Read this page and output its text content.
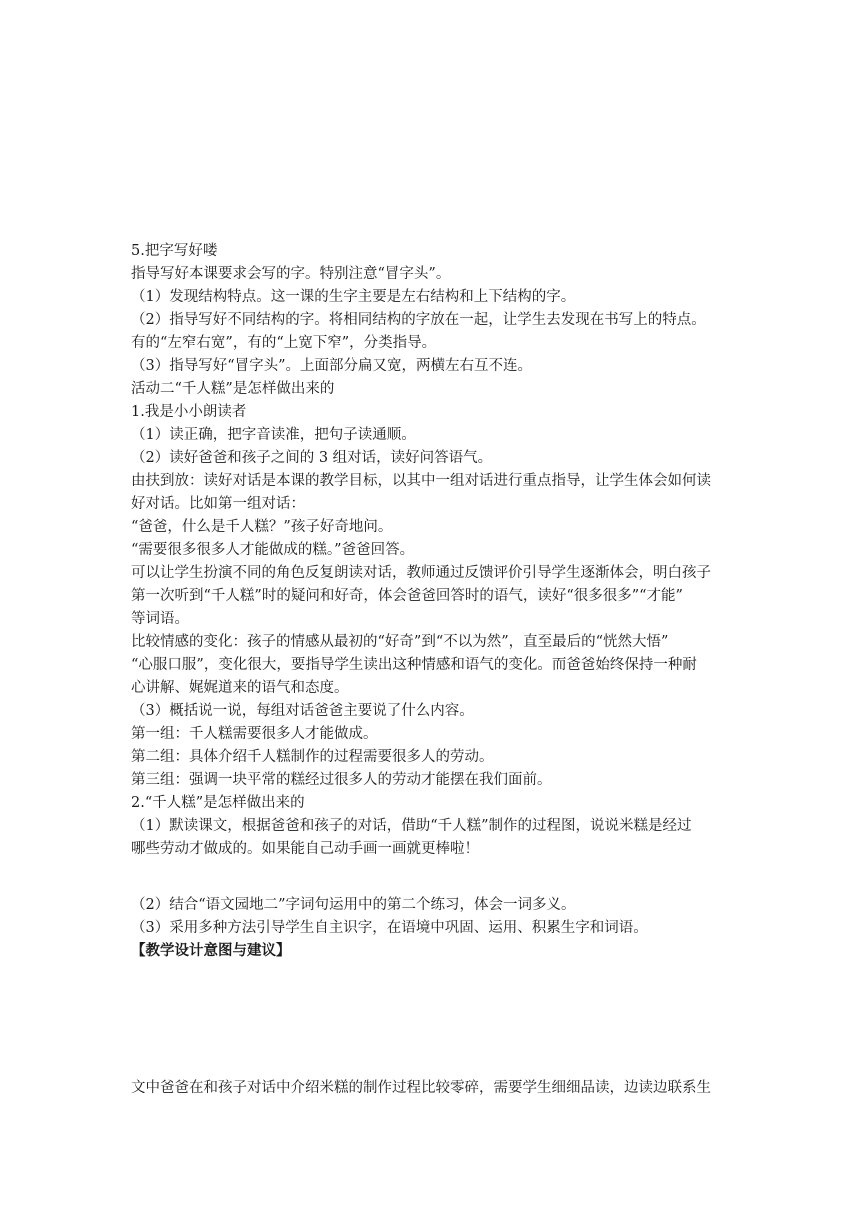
5.把字写好喽
指导写好本课要求会写的字。特别注意“冒字头”。
（1）发现结构特点。这一课的生字主要是左右结构和上下结构的字。
（2）指导写好不同结构的字。将相同结构的字放在一起，让学生去发现在书写上的特点。
有的“左窄右宽”，有的“上宽下窄”，分类指导。
（3）指导写好“冒字头”。上面部分扁又宽，两横左右互不连。
活动二“千人糕”是怎样做出来的
1.我是小小朗读者
（1）读正确，把字音读准，把句子读通顺。
（2）读好爸爸和孩子之间的 3 组对话，读好问答语气。
由扶到放：读好对话是本课的教学目标，以其中一组对话进行重点指导，让学生体会如何读
好对话。比如第一组对话：
“爸爸，什么是千人糕？”孩子好奇地问。
“需要很多很多人才能做成的糕。”爸爸回答。
可以让学生扮演不同的角色反复朗读对话，教师通过反馈评价引导学生逐渐体会，明白孩子
第一次听到“千人糕”时的疑问和好奇，体会爸爸回答时的语气，读好“很多很多”“才能”
等词语。
比较情感的变化：孩子的情感从最初的“好奇”到“不以为然”，直至最后的“恍然大悟”
“心服口服”，变化很大，要指导学生读出这种情感和语气的变化。而爸爸始终保持一种耐
心讲解、娓娓道来的语气和态度。
（3）概括说一说，每组对话爸爸主要说了什么内容。
第一组：千人糕需要很多人才能做成。
第二组：具体介绍千人糕制作的过程需要很多人的劳动。
第三组：强调一块平常的糕经过很多人的劳动才能摆在我们面前。
2.“千人糕”是怎样做出来的
（1）默读课文，根据爸爸和孩子的对话，借助“千人糕”制作的过程图，说说米糕是经过
哪些劳动才做成的。如果能自己动手画一画就更棒啦！
（2）结合“语文园地二”字词句运用中的第二个练习，体会一词多义。
（3）采用多种方法引导学生自主识字，在语境中巩固、运用、积累生字和词语。
【教学设计意图与建议】
文中爸爸在和孩子对话中介绍米糕的制作过程比较零碎，需要学生细细品读，边读边联系生
